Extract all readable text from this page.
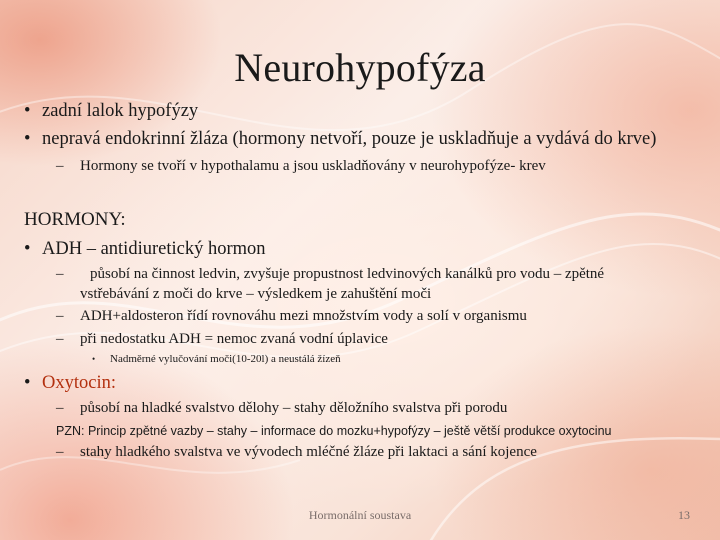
Neurohypofýza
• zadní lalok hypofýzy
• nepravá endokrinní žláza (hormony netvoří, pouze je uskladňuje a vydává do krve)
– Hormony se tvoří v hypothalamu a jsou uskladňovány v neurohypofýze- krev
HORMONY:
• ADH – antidiuretický hormon
– působí na činnost ledvin, zvyšuje propustnost ledvinových kanálků pro vodu – zpětné
vstřebávání z moči do krve – výsledkem je zahuštění moči
– ADH+aldosteron řídí rovnováhu mezi množstvím vody a solí v organismu
– při nedostatku ADH = nemoc zvaná vodní úplavice
• Nadměrné vylučování moči(10-20l) a neustálá žízeň
• Oxytocin:
– působí na hladké svalstvo dělohy – stahy děložního svalstva při porodu
PZN: Princip zpětné vazby – stahy – informace do mozku+hypofýzy – ještě větší produkce oxytocinu
– stahy hladkého svalstva ve vývodech mléčné žláze při laktaci a sání kojence
Hormonální soustava	13
